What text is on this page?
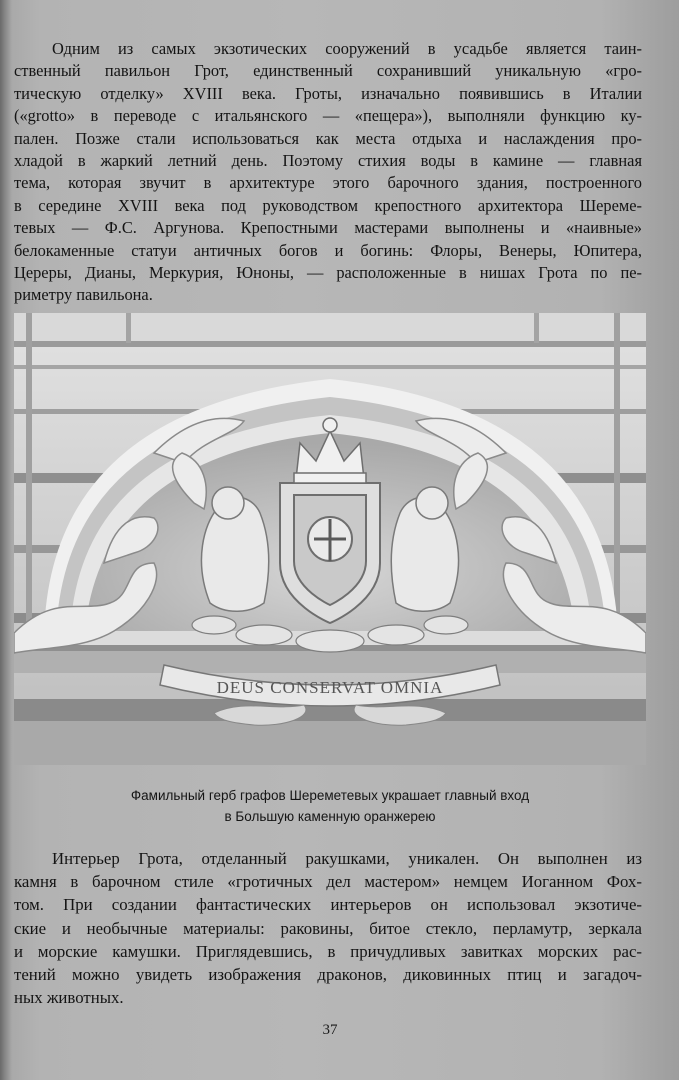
Одним из самых экзотических сооружений в усадьбе является таин-
ственный павильон Грот, единственный сохранивший уникальную «гро-
тическую отделку» XVIII века. Гроты, изначально появившись в Италии
(«grotto» в переводе с итальянского — «пещера»), выполняли функцию ку-
пален. Позже стали использоваться как места отдыха и наслаждения про-
хладой в жаркий летний день. Поэтому стихия воды в камине — главная
тема, которая звучит в архитектуре этого барочного здания, построенного
в середине XVIII века под руководством крепостного архитектора Шереме-
тевых — Ф.С. Аргунова. Крепостными мастерами выполнены и «наивные»
белокаменные статуи античных богов и богинь: Флоры, Венеры, Юпитера,
Цереры, Дианы, Меркурия, Юноны, — расположенные в нишах Грота по пе-
риметру павильона.
DEUS CONSERVAT OMNIA
Фамильный герб графов Шереметевых украшает главный вход
в Большую каменную оранжерею
Интерьер Грота, отделанный ракушками, уникален. Он выполнен из
камня в барочном стиле «гротичных дел мастером» немцем Иоганном Фох-
том. При создании фантастических интерьеров он использовал экзотиче-
ские и необычные материалы: раковины, битое стекло, перламутр, зеркала
и морские камушки. Приглядевшись, в причудливых завитках морских рас-
тений можно увидеть изображения драконов, диковинных птиц и загадоч-
ных животных.
37
